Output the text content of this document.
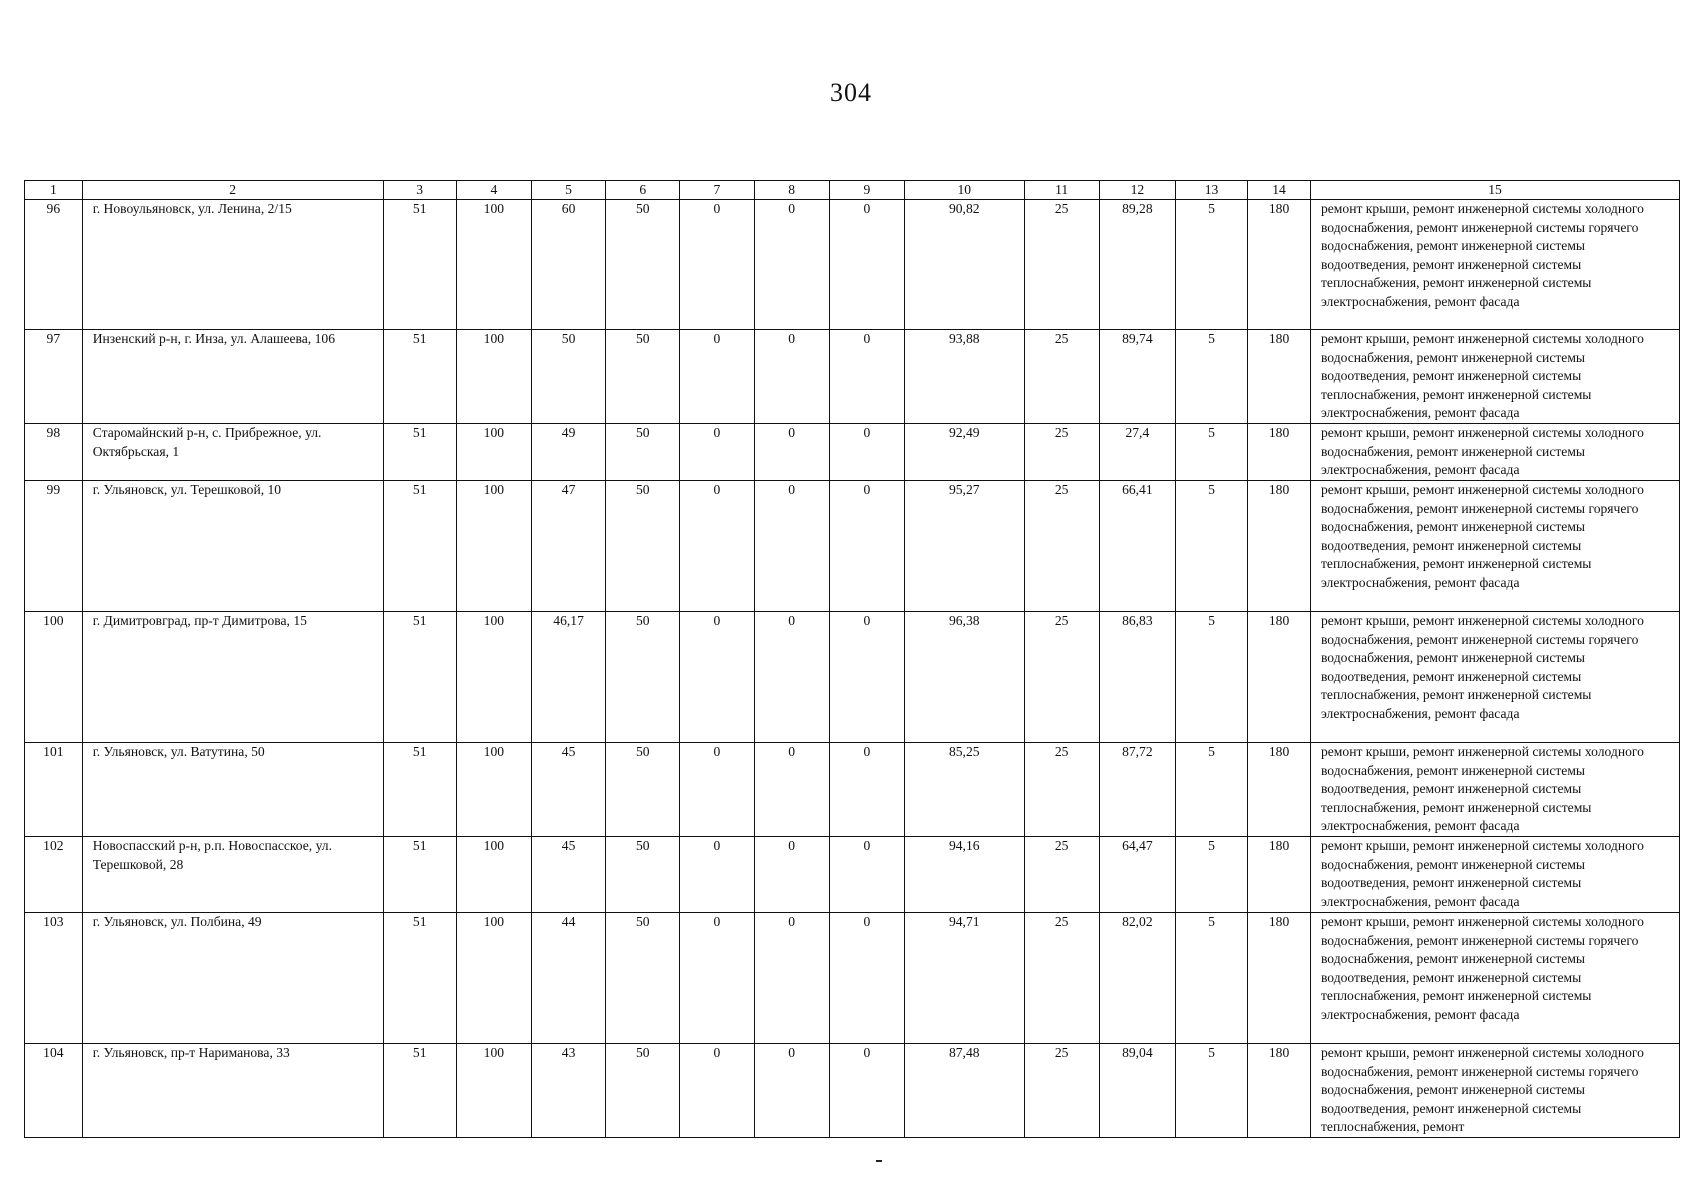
304
1	2	3	4	5	6	7	8	9	10	11	12	13	14	15
96	г. Новоульяновск, ул. Ленина, 2/15	51	100	60	50	0	0	0	90,82	25	89,28	5	180	ремонт крыши, ремонт инженерной системы холодного водоснабжения, ремонт инженерной системы горячего водоснабжения, ремонт инженерной системы водоотведения, ремонт инженерной системы теплоснабжения, ремонт инженерной системы электроснабжения, ремонт фасада
97	Инзенский р-н, г. Инза, ул. Алашеева, 106	51	100	50	50	0	0	0	93,88	25	89,74	5	180	ремонт крыши, ремонт инженерной системы холодного водоснабжения, ремонт инженерной системы водоотведения, ремонт инженерной системы теплоснабжения, ремонт инженерной системы электроснабжения, ремонт фасада
98	Старомайнский р-н, с. Прибрежное, ул. Октябрьская, 1	51	100	49	50	0	0	0	92,49	25	27,4	5	180	ремонт крыши, ремонт инженерной системы холодного водоснабжения, ремонт инженерной системы электроснабжения, ремонт фасада
99	г. Ульяновск, ул. Терешковой, 10	51	100	47	50	0	0	0	95,27	25	66,41	5	180	ремонт крыши, ремонт инженерной системы холодного водоснабжения, ремонт инженерной системы горячего водоснабжения, ремонт инженерной системы водоотведения, ремонт инженерной системы теплоснабжения, ремонт инженерной системы электроснабжения, ремонт фасада
100	г. Димитровград, пр-т Димитрова, 15	51	100	46,17	50	0	0	0	96,38	25	86,83	5	180	ремонт крыши, ремонт инженерной системы холодного водоснабжения, ремонт инженерной системы горячего водоснабжения, ремонт инженерной системы водоотведения, ремонт инженерной системы теплоснабжения, ремонт инженерной системы электроснабжения, ремонт фасада
101	г. Ульяновск, ул. Ватутина, 50	51	100	45	50	0	0	0	85,25	25	87,72	5	180	ремонт крыши, ремонт инженерной системы холодного водоснабжения, ремонт инженерной системы водоотведения, ремонт инженерной системы теплоснабжения, ремонт инженерной системы электроснабжения, ремонт фасада
102	Новоспасский р-н, р.п. Новоспасское, ул. Терешковой, 28	51	100	45	50	0	0	0	94,16	25	64,47	5	180	ремонт крыши, ремонт инженерной системы холодного водоснабжения, ремонт инженерной системы водоотведения, ремонт инженерной системы электроснабжения, ремонт фасада
103	г. Ульяновск, ул. Полбина, 49	51	100	44	50	0	0	0	94,71	25	82,02	5	180	ремонт крыши, ремонт инженерной системы холодного водоснабжения, ремонт инженерной системы горячего водоснабжения, ремонт инженерной системы водоотведения, ремонт инженерной системы теплоснабжения, ремонт инженерной системы электроснабжения, ремонт фасада
104	г. Ульяновск, пр-т Нариманова, 33	51	100	43	50	0	0	0	87,48	25	89,04	5	180	ремонт крыши, ремонт инженерной системы холодного водоснабжения, ремонт инженерной системы горячего водоснабжения, ремонт инженерной системы водоотведения, ремонт инженерной системы теплоснабжения, ремонт
